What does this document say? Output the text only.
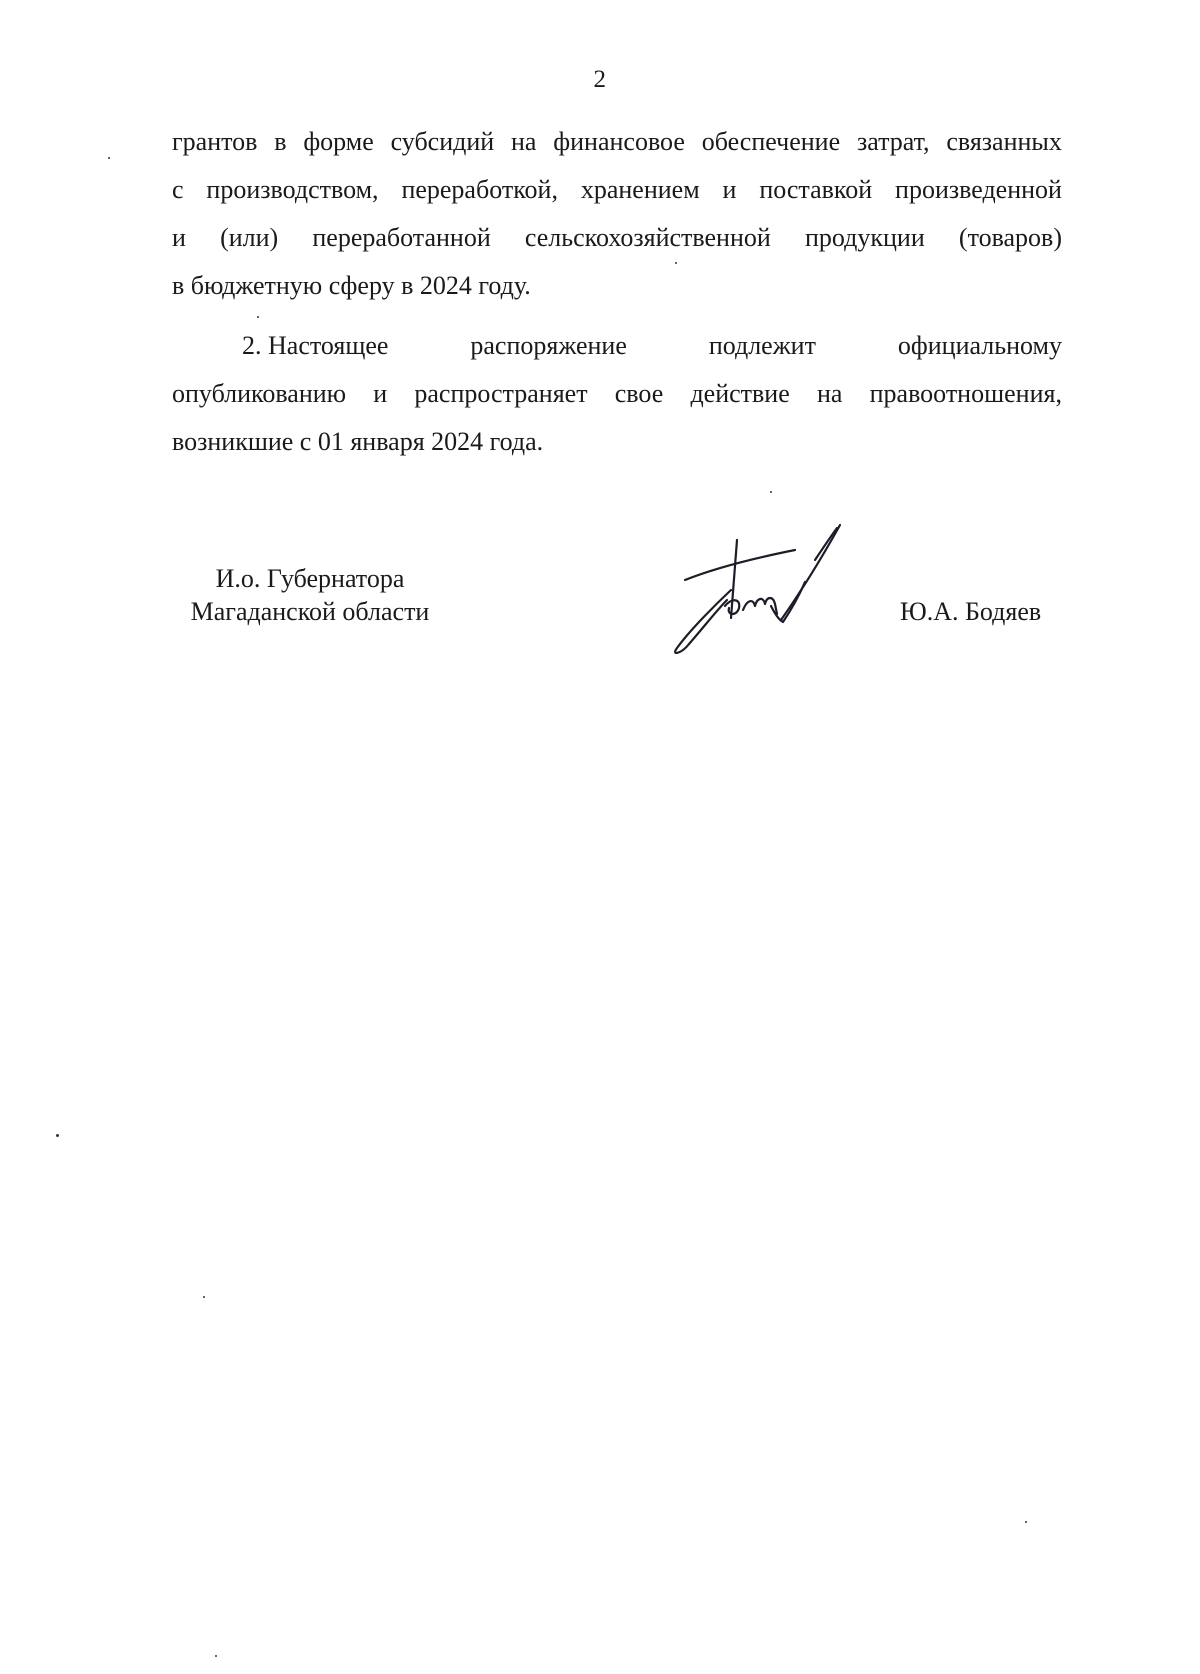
2
грантов в форме субсидий на финансовое обеспечение затрат, связанных
с производством, переработкой, хранением и поставкой произведенной
и (или) переработанной сельскохозяйственной продукции (товаров)
в бюджетную сферу в 2024 году.
2. Настоящее	распоряжение	подлежит	официальному
опубликованию и распространяет свое действие на правоотношения,
возникшие с 01 января 2024 года.
И.о. Губернатора
Магаданской области	Ю.А. Бодяев
